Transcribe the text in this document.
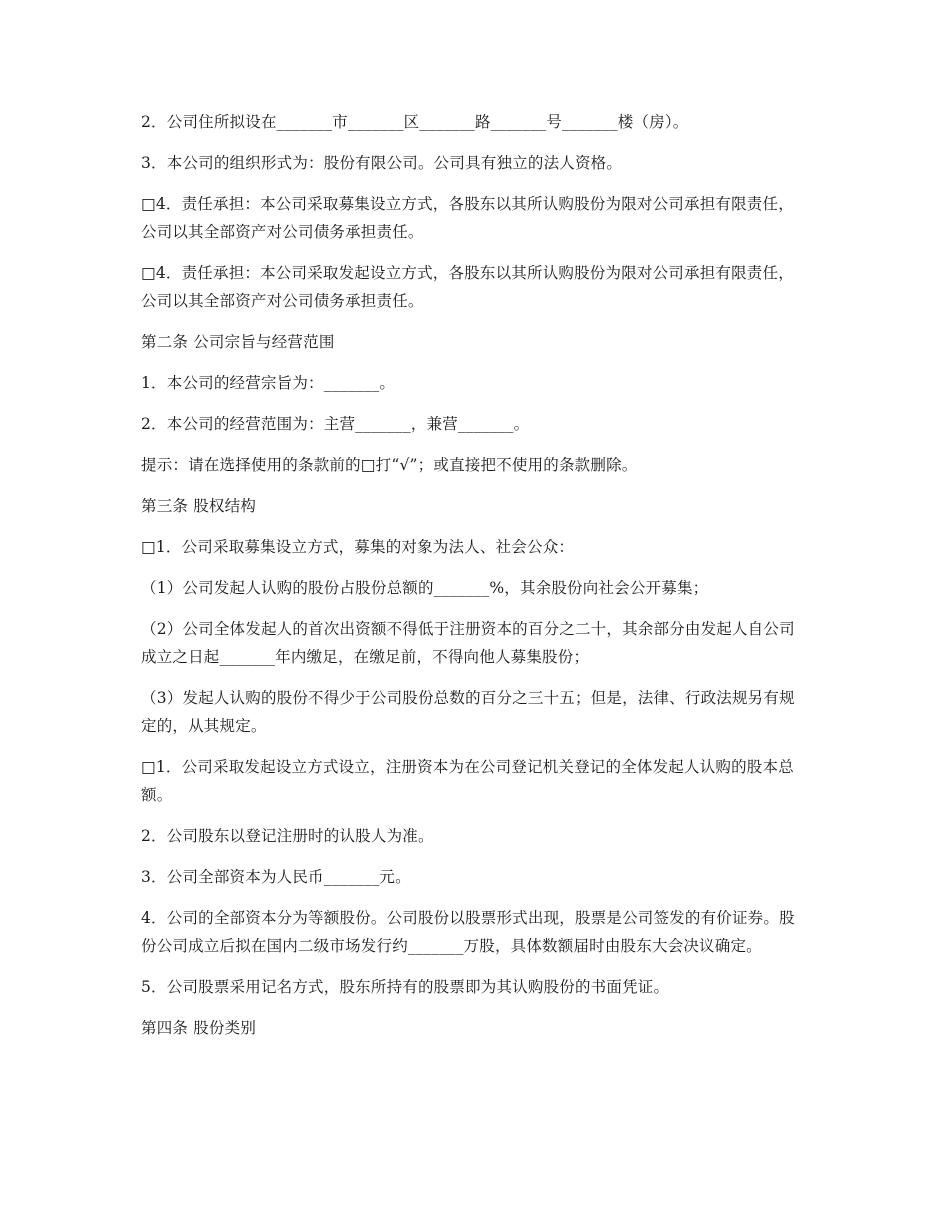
2．公司住所拟设在_______市_______区_______路_______号_______楼（房）。

3．本公司的组织形式为：股份有限公司。公司具有独立的法人资格。

□4．责任承担：本公司采取募集设立方式，各股东以其所认购股份为限对公司承担有限责任，公司以其全部资产对公司债务承担责任。

□4．责任承担：本公司采取发起设立方式，各股东以其所认购股份为限对公司承担有限责任，公司以其全部资产对公司债务承担责任。

第二条 公司宗旨与经营范围

1．本公司的经营宗旨为：_______。

2．本公司的经营范围为：主营_______，兼营_______。

提示：请在选择使用的条款前的□打“√”；或直接把不使用的条款删除。

第三条 股权结构

□1．公司采取募集设立方式，募集的对象为法人、社会公众：

（1）公司发起人认购的股份占股份总额的_______%，其余股份向社会公开募集；

（2）公司全体发起人的首次出资额不得低于注册资本的百分之二十，其余部分由发起人自公司成立之日起_______年内缴足，在缴足前，不得向他人募集股份；

（3）发起人认购的股份不得少于公司股份总数的百分之三十五；但是，法律、行政法规另有规定的，从其规定。

□1．公司采取发起设立方式设立，注册资本为在公司登记机关登记的全体发起人认购的股本总额。

2．公司股东以登记注册时的认股人为准。

3．公司全部资本为人民币_______元。

4．公司的全部资本分为等额股份。公司股份以股票形式出现，股票是公司签发的有价证券。股份公司成立后拟在国内二级市场发行约_______万股，具体数额届时由股东大会决议确定。

5．公司股票采用记名方式，股东所持有的股票即为其认购股份的书面凭证。

第四条 股份类别
